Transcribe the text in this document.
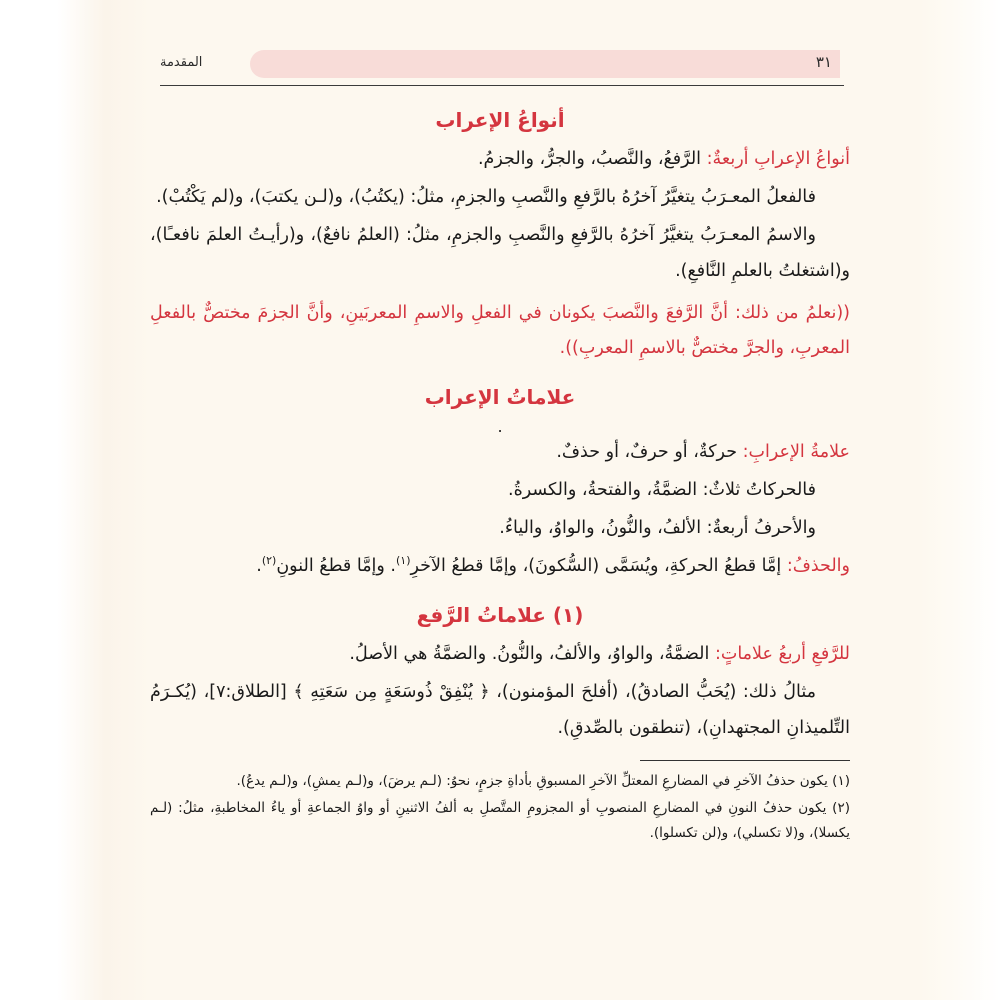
٣١
المقدمة
أنواعُ الإعراب

أنواعُ الإعرابِ أربعةٌ: الرَّفعُ، والنَّصبُ، والجرُّ، والجزمُ.

فالفعلُ المعـرَبُ يتغيَّرُ آخرُهُ بالرَّفعِ والنَّصبِ والجزمِ، مثلُ: (يكتُبُ)، و(لـن يكتبَ)، و(لم يَكْتُبْ).

والاسمُ المعـرَبُ يتغيَّرُ آخرُهُ بالرَّفعِ والنَّصبِ والجزمِ، مثلُ: (العلمُ نافعٌ)، و(رأيـتُ العلمَ نافعـًا)، و(اشتغلتُ بالعلمِ النَّافعِ).

((نعلمُ من ذلك: أنَّ الرَّفعَ والنَّصبَ يكونان في الفعلِ والاسمِ المعربَينِ، وأنَّ الجزمَ مختصٌّ بالفعلِ المعربِ، والجرَّ مختصٌّ بالاسمِ المعربِ)).

علاماتُ الإعراب
.

علامةُ الإعرابِ: حركةٌ، أو حرفٌ، أو حذفٌ.

فالحركاتُ ثلاثٌ: الضمَّةُ، والفتحةُ، والكسرةُ.

والأحرفُ أربعةٌ: الألفُ، والنُّونُ، والواوُ، والياءُ.

والحذفُ: إمَّا قطعُ الحركةِ، ويُسَمَّى (السُّكونَ)، وإمَّا قطعُ الآخرِ$^{(١)}$. وإمَّا قطعُ النونِ$^{(٢)}$.

(١) علاماتُ الرَّفع

للرَّفعِ أربعُ علاماتٍ: الضمَّةُ، والواوُ، والألفُ، والنُّونُ. والضمَّةُ هي الأصلُ.

مثالُ ذلك: (يُحَبُّ الصادقُ)، (أفلحَ المؤمنون)، ﴿ يُنْفِقْ ذُوسَعَةٍ مِن سَعَتِهِ ﴾ [الطلاق:٧]، (يُكـرَمُ التِّلميذانِ المجتهدانِ)، (تنطقون بالصِّدقِ).

(١) يكون حذفُ الآخرِ في المضارعِ المعتلِّ الآخرِ المسبوقِ بأداةِ جزمٍ، نحوُ: (لـم يرضَ)، و(لـم يمشِ)، و(لـم يدعُ).

(٢) يكون حذفُ النونِ في المضارعِ المنصوبِ أو المجزومِ المتَّصلِ به ألفُ الاثنينِ أو واوُ الجماعةِ أو ياءُ المخاطبةِ، مثلُ: (لـم يكسلا)، و(لا تكسلي)، و(لن تكسلوا).
